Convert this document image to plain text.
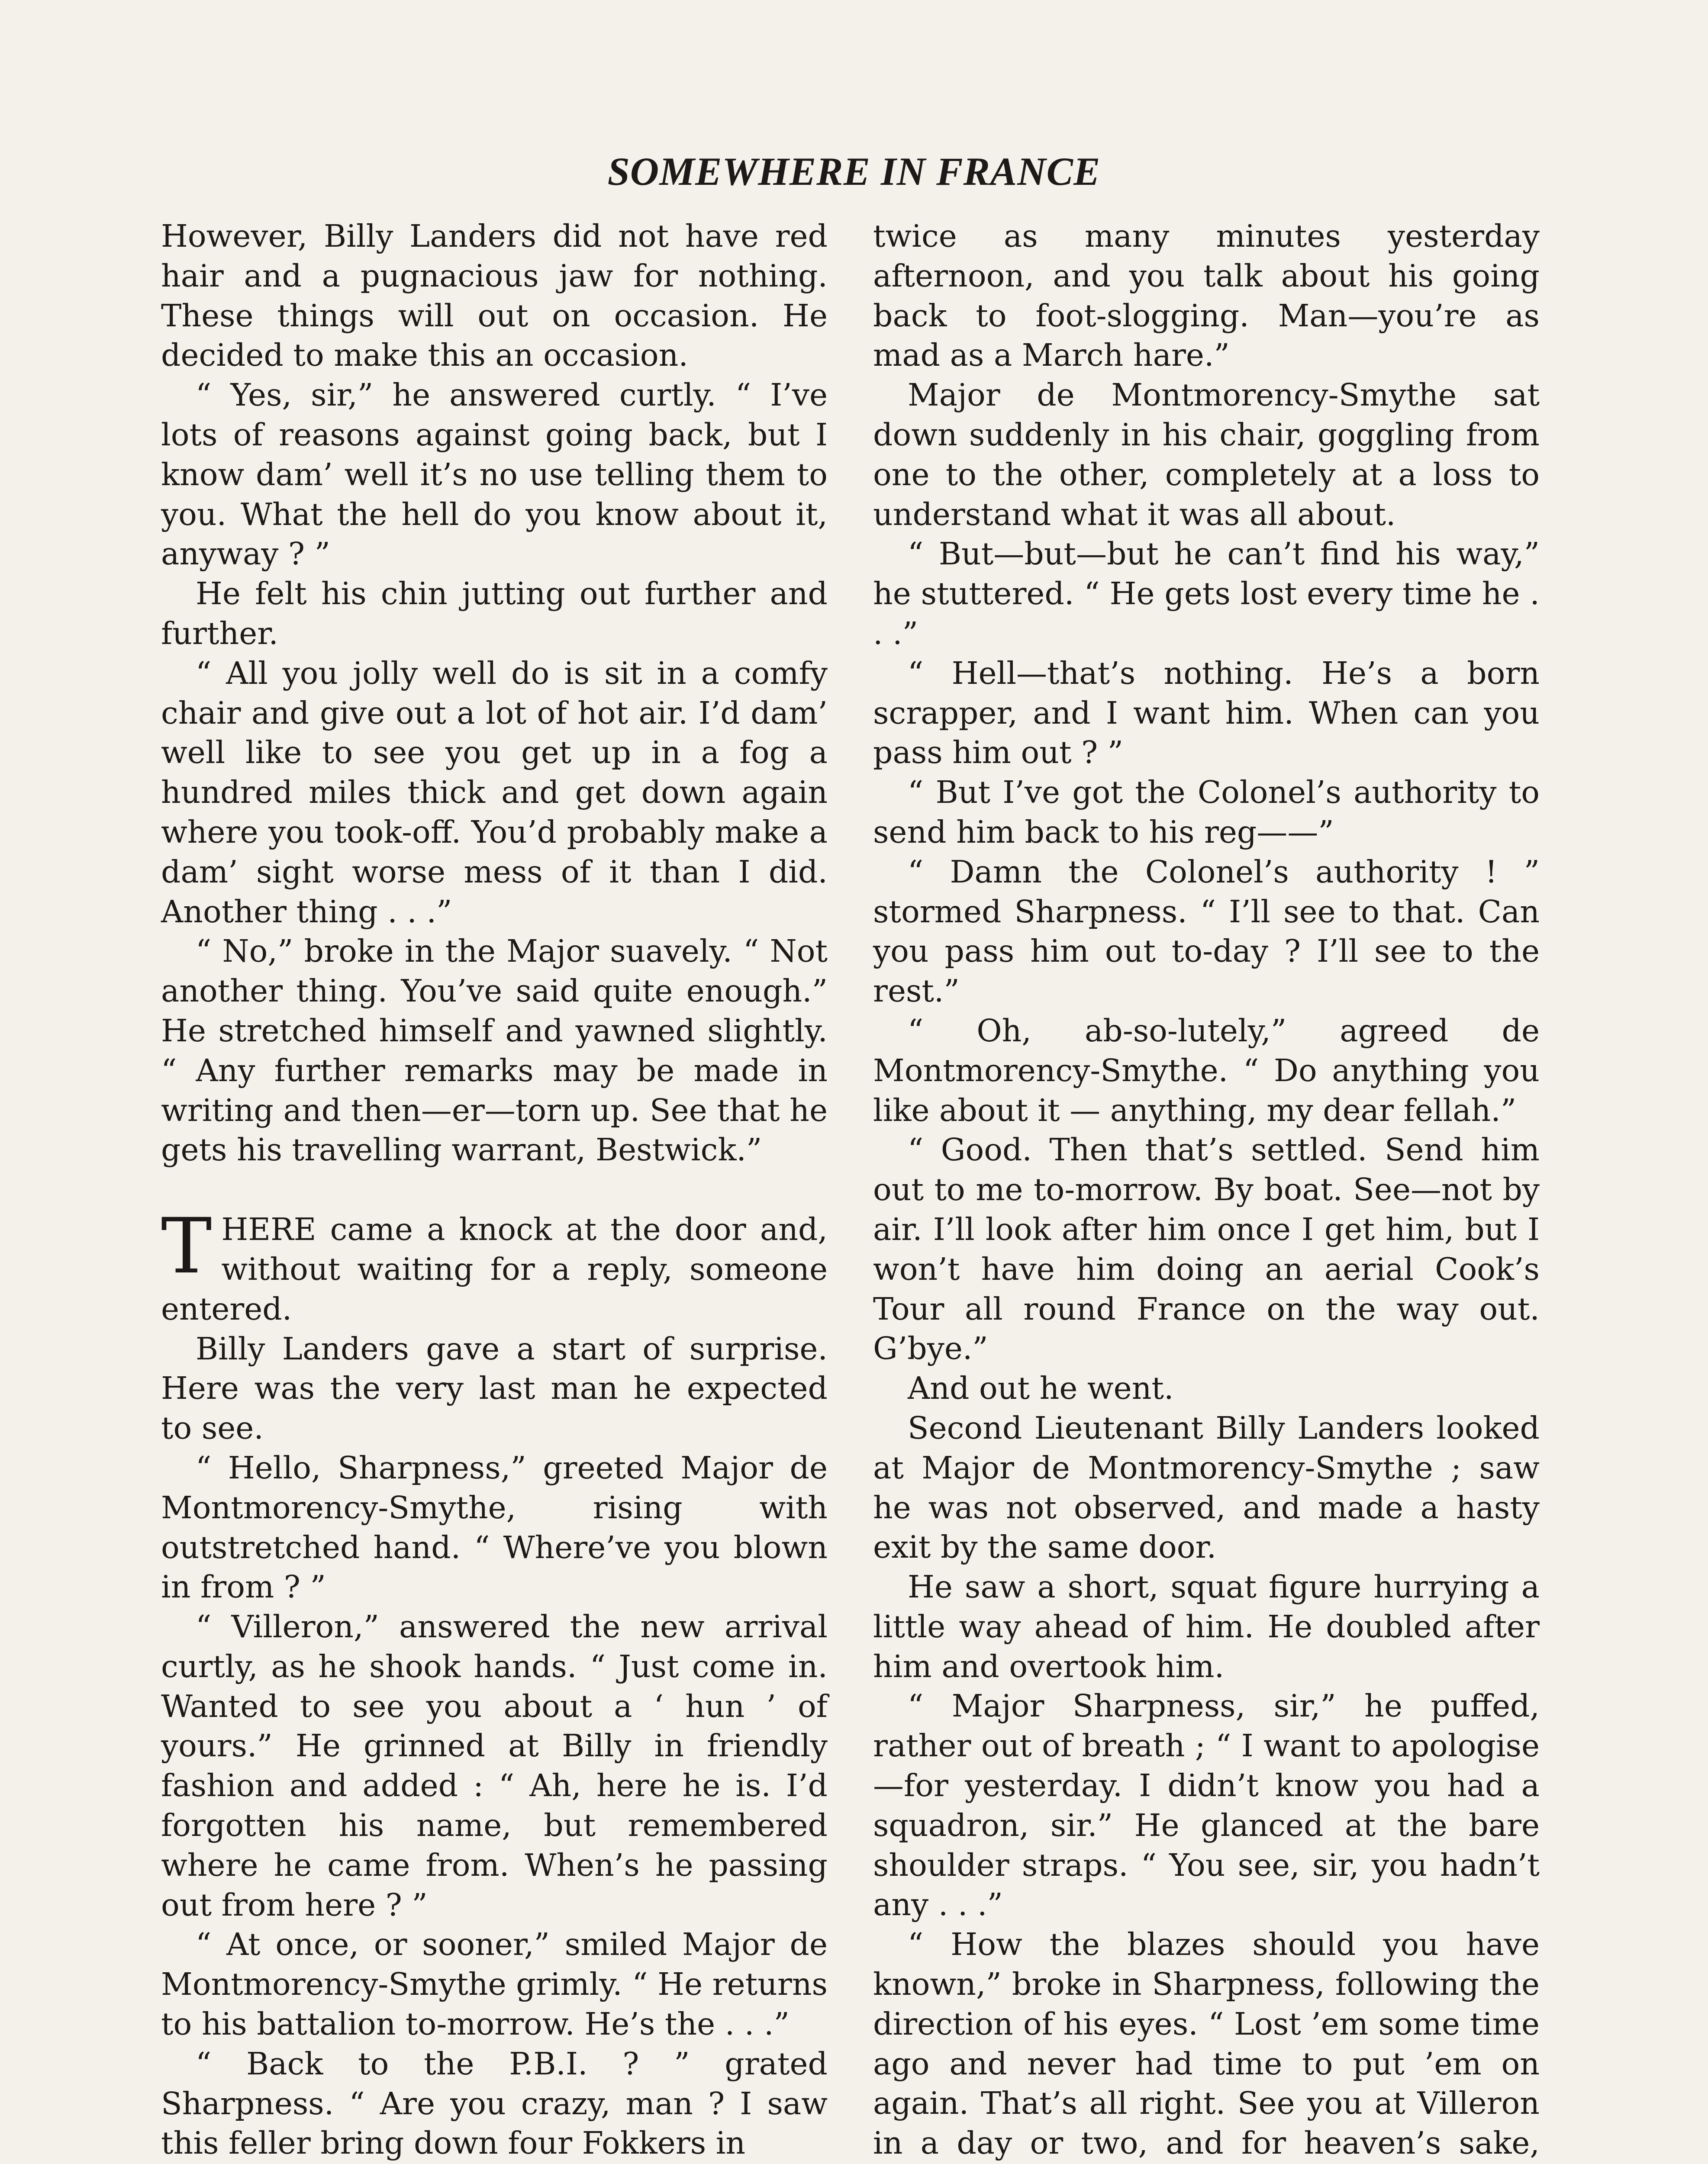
SOMEWHERE IN FRANCE

However, Billy Landers did not have red hair and a pugnacious jaw for nothing. These things will out on occasion. He decided to make this an occasion.

“ Yes, sir,” he answered curtly. “ I’ve lots of reasons against going back, but I know dam’ well it’s no use telling them to you. What the hell do you know about it, anyway ? ”

He felt his chin jutting out further and further.

“ All you jolly well do is sit in a comfy chair and give out a lot of hot air. I’d dam’ well like to see you get up in a fog a hundred miles thick and get down again where you took-off. You’d probably make a dam’ sight worse mess of it than I did. Another thing . . .”

“ No,” broke in the Major suavely. “ Not another thing. You’ve said quite enough.” He stretched himself and yawned slightly. “ Any further remarks may be made in writing and then—er—torn up. See that he gets his travelling warrant, Bestwick.”

THERE came a knock at the door and, without waiting for a reply, someone entered.

Billy Landers gave a start of surprise. Here was the very last man he expected to see.

“ Hello, Sharpness,” greeted Major de Montmorency-Smythe, rising with outstretched hand. “ Where’ve you blown in from ? ”

“ Villeron,” answered the new arrival curtly, as he shook hands. “ Just come in. Wanted to see you about a ‘ hun ’ of yours.” He grinned at Billy in friendly fashion and added : “ Ah, here he is. I’d forgotten his name, but remembered where he came from. When’s he passing out from here ? ”

“ At once, or sooner,” smiled Major de Montmorency-Smythe grimly. “ He returns to his battalion to-morrow. He’s the . . .”

“ Back to the P.B.I. ? ” grated Sharpness. “ Are you crazy, man ? I saw this feller bring down four Fokkers in

twice as many minutes yesterday afternoon, and you talk about his going back to foot-slogging. Man—you’re as mad as a March hare.”

Major de Montmorency-Smythe sat down suddenly in his chair, goggling from one to the other, completely at a loss to understand what it was all about.

“ But—but—but he can’t find his way,” he stuttered. “ He gets lost every time he . . .”

“ Hell—that’s nothing. He’s a born scrapper, and I want him. When can you pass him out ? ”

“ But I’ve got the Colonel’s authority to send him back to his reg——”

“ Damn the Colonel’s authority ! ” stormed Sharpness. “ I’ll see to that. Can you pass him out to-day ? I’ll see to the rest.”

“ Oh, ab-so-lutely,” agreed de Montmorency-Smythe. “ Do anything you like about it — anything, my dear fellah.”

“ Good. Then that’s settled. Send him out to me to-morrow. By boat. See—not by air. I’ll look after him once I get him, but I won’t have him doing an aerial Cook’s Tour all round France on the way out. G’bye.”

And out he went.

Second Lieutenant Billy Landers looked at Major de Montmorency-Smythe ; saw he was not observed, and made a hasty exit by the same door.

He saw a short, squat figure hurrying a little way ahead of him. He doubled after him and overtook him.

“ Major Sharpness, sir,” he puffed, rather out of breath ; “ I want to apologise—for yesterday. I didn’t know you had a squadron, sir.” He glanced at the bare shoulder straps. “ You see, sir, you hadn’t any . . .”

“ How the blazes should you have known,” broke in Sharpness, following the direction of his eyes. “ Lost ’em some time ago and never had time to put ’em on again. That’s all right. See you at Villeron in a day or two, and for heaven’s sake,
